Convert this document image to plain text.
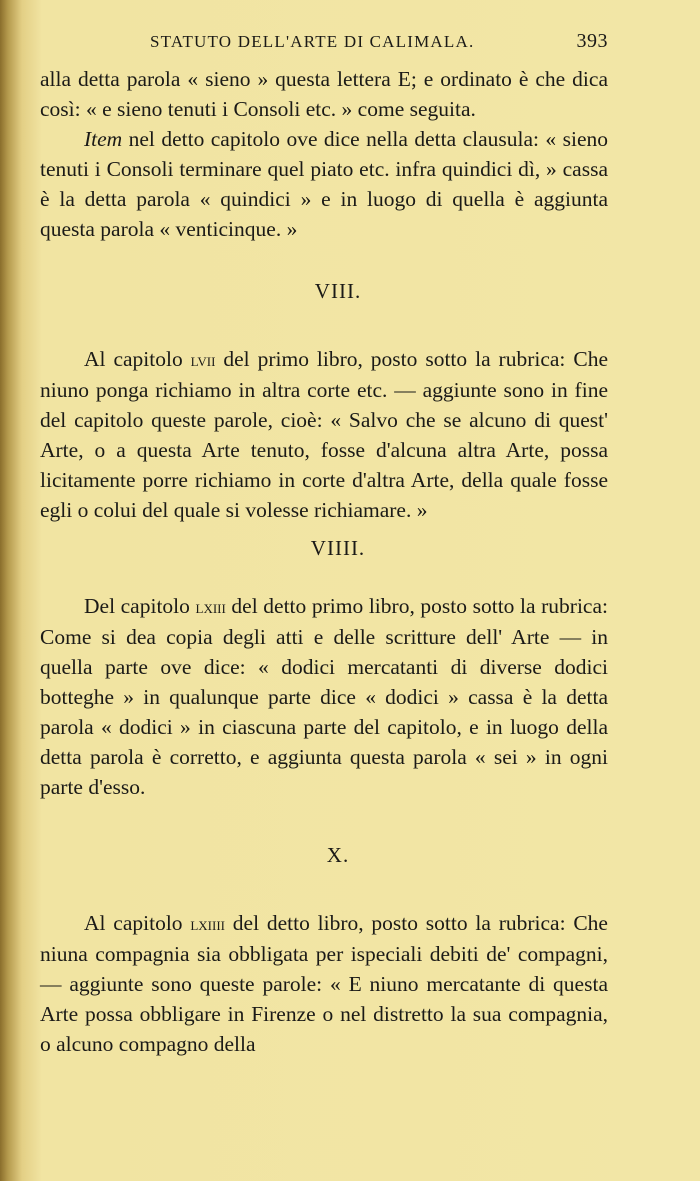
STATUTO DELL'ARTE DI CALIMALA.	393

alla detta parola « sieno » questa lettera E; e ordinato è che dica così: « e sieno tenuti i Consoli etc. » come seguita.

Item nel detto capitolo ove dice nella detta clausula: « sieno tenuti i Consoli terminare quel piato etc. infra quindici dì, » cassa è la detta parola « quindici » e in luogo di quella è aggiunta questa parola « venticinque. »

VIII.

Al capitolo lvii del primo libro, posto sotto la rubrica: Che niuno ponga richiamo in altra corte etc. — aggiunte sono in fine del capitolo queste parole, cioè: « Salvo che se alcuno di quest' Arte, o a questa Arte tenuto, fosse d'alcuna altra Arte, possa licitamente porre richiamo in corte d'altra Arte, della quale fosse egli o colui del quale si volesse richiamare. »

VIIII.

Del capitolo lxiii del detto primo libro, posto sotto la rubrica: Come si dea copia degli atti e delle scritture dell' Arte — in quella parte ove dice: « dodici mercatanti di diverse dodici botteghe » in qualunque parte dice « dodici » cassa è la detta parola « dodici » in ciascuna parte del capitolo, e in luogo della detta parola è corretto, e aggiunta questa parola « sei » in ogni parte d'esso.

X.

Al capitolo lxiiii del detto libro, posto sotto la rubrica: Che niuna compagnia sia obbligata per ispeciali debiti de' compagni, — aggiunte sono queste parole: « E niuno mercatante di questa Arte possa obbligare in Firenze o nel distretto la sua compagnia, o alcuno compagno della
